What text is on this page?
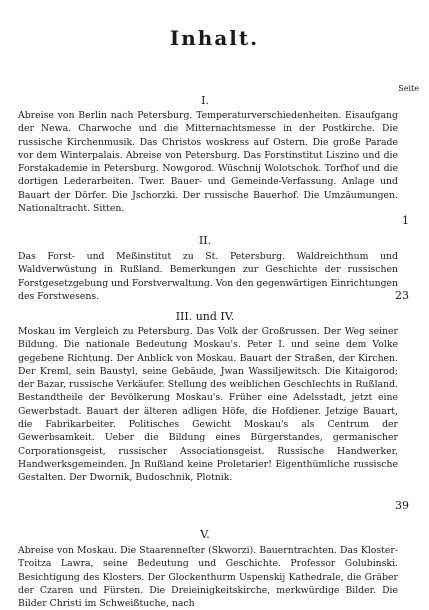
Inhalt.
Seite
I.
Abreise von Berlin nach Petersburg. Temperaturverschiedenheiten. Eisaufgang der Newa. Charwoche und die Mitternachtsmesse in der Postkirche. Die russische Kirchenmusik. Das Christos woskress auf Ostern. Die große Parade vor dem Winterpalais. Abreise von Petersburg. Das Forstinstitut Liszino und die Forstakademie in Petersburg. Nowgorod. Wüschnij Wolotschok. Torfhof und die dortigen Lederarbeiten. Twer. Bauer- und Gemeinde-Verfassung. Anlage und Bauart der Dörfer. Die Jschorzki. Der russische Bauerhof. Die Umzäumungen. Nationaltracht. Sitten.
1
II.
Das Forst- und Meßinstitut zu St. Petersburg. Waldreichthum und Waldverwüstung in Rußland. Bemerkungen zur Geschichte der russischen Forstgesetzgebung und Forstverwaltung. Von den gegenwärtigen Einrichtungen des Forstwesens.	23
III. und IV.
Moskau im Vergleich zu Petersburg. Das Volk der Großrussen. Der Weg seiner Bildung. Die nationale Bedeutung Moskau's. Peter I. und seine dem Volke gegebene Richtung. Der Anblick von Moskau. Bauart der Straßen, der Kirchen. Der Kreml, sein Baustyl, seine Gebäude, Jwan Wassiljewitsch. Die Kitaigorod; der Bazar, russische Verkäufer. Stellung des weiblichen Geschlechts in Rußland. Bestandtheile der Bevölkerung Moskau's. Früher eine Adelsstadt, jetzt eine Gewerbstadt. Bauart der älteren adligen Höfe, die Hofdiener. Jetzige Bauart, die Fabrikarbeiter. Politisches Gewicht Moskau's als Centrum der Gewerbsamkeit. Ueber die Bildung eines Bürgerstandes, germanischer Corporationsgeist, russischer Associationsgeist. Russische Handwerker, Handwerksgemeinden. Jn Rußland keine Proletarier! Eigenthümliche russische Gestalten. Der Dwornik, Budoschnik, Plotnik.
39
V.
Abreise von Moskau. Die Staarenneſter (Skworzi). Bauerntrachten. Das Kloster-Troitza Lawra, seine Bedeutung und Geschichte. Professor Golubinski. Besichtigung des Klosters. Der Glockenthurm Uspenskij Kathedrale, die Gräber der Czaren und Fürsten. Die Dreieinigkeitskirche, merkwürdige Bilder. Die Bilder Christi im Schweißtuche, nach
